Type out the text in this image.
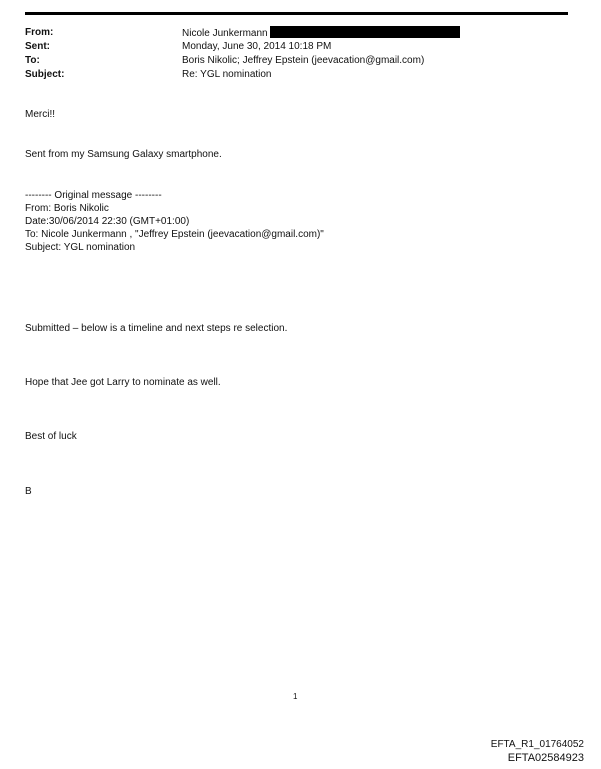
From:	Nicole Junkermann
Sent:	Monday, June 30, 2014 10:18 PM
To:	Boris Nikolic; Jeffrey Epstein (jeevacation@gmail.com)
Subject:	Re: YGL nomination
Merci!!
Sent from my Samsung Galaxy smartphone.
-------- Original message --------
From: Boris Nikolic
Date:30/06/2014 22:30 (GMT+01:00)
To: Nicole Junkermann , "Jeffrey Epstein (jeevacation@gmail.com)"
Subject: YGL nomination
Submitted – below is a timeline and next steps re selection.
Hope that Jee got Larry to nominate as well.
Best of luck
B
1
EFTA_R1_01764052
EFTA02584923
